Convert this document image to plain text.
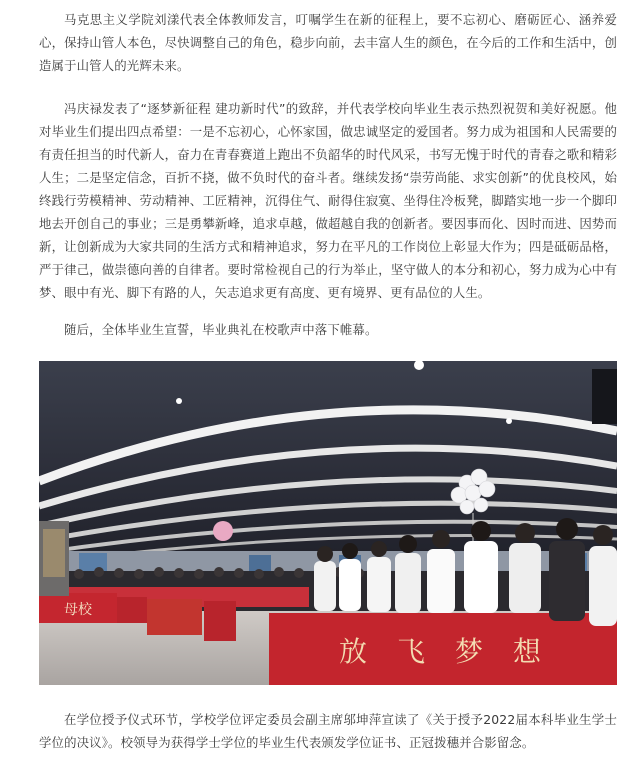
马克思主义学院刘漾代表全体教师发言，叮嘱学生在新的征程上，要不忘初心、磨砺匠心、涵养爱心，保持山管人本色，尽快调整自己的角色，稳步向前，去丰富人生的颜色，在今后的工作和生活中，创造属于山管人的光辉未来。

冯庆禄发表了“逐梦新征程 建功新时代”的致辞，并代表学校向毕业生表示热烈祝贺和美好祝愿。他对毕业生们提出四点希望：一是不忘初心，心怀家国，做忠诚坚定的爱国者。努力成为祖国和人民需要的有责任担当的时代新人，奋力在青春赛道上跑出不负韶华的时代风采，书写无愧于时代的青春之歌和精彩人生；二是坚定信念，百折不挠，做不负时代的奋斗者。继续发扬“崇劳尚能、求实创新”的优良校风，始终践行劳模精神、劳动精神、工匠精神，沉得住气、耐得住寂寞、坐得住冷板凳，脚踏实地一步一个脚印地去开创自己的事业；三是勇攀新峰，追求卓越，做超越自我的创新者。要因事而化、因时而进、因势而新，让创新成为大家共同的生活方式和精神追求，努力在平凡的工作岗位上彰显大作为；四是砥砺品格，严于律己，做崇德向善的自律者。要时常检视自己的行为举止，坚守做人的本分和初心，努力成为心中有梦、眼中有光、脚下有路的人，矢志追求更有高度、更有境界、更有品位的人生。

随后，全体毕业生宣誓，毕业典礼在校歌声中落下帷幕。

母校
放飞梦想

在学位授予仪式环节，学校学位评定委员会副主席邬坤萍宣读了《关于授予2022届本科毕业生学士学位的决议》。校领导为获得学士学位的毕业生代表颁发学位证书、正冠拨穗并合影留念。
